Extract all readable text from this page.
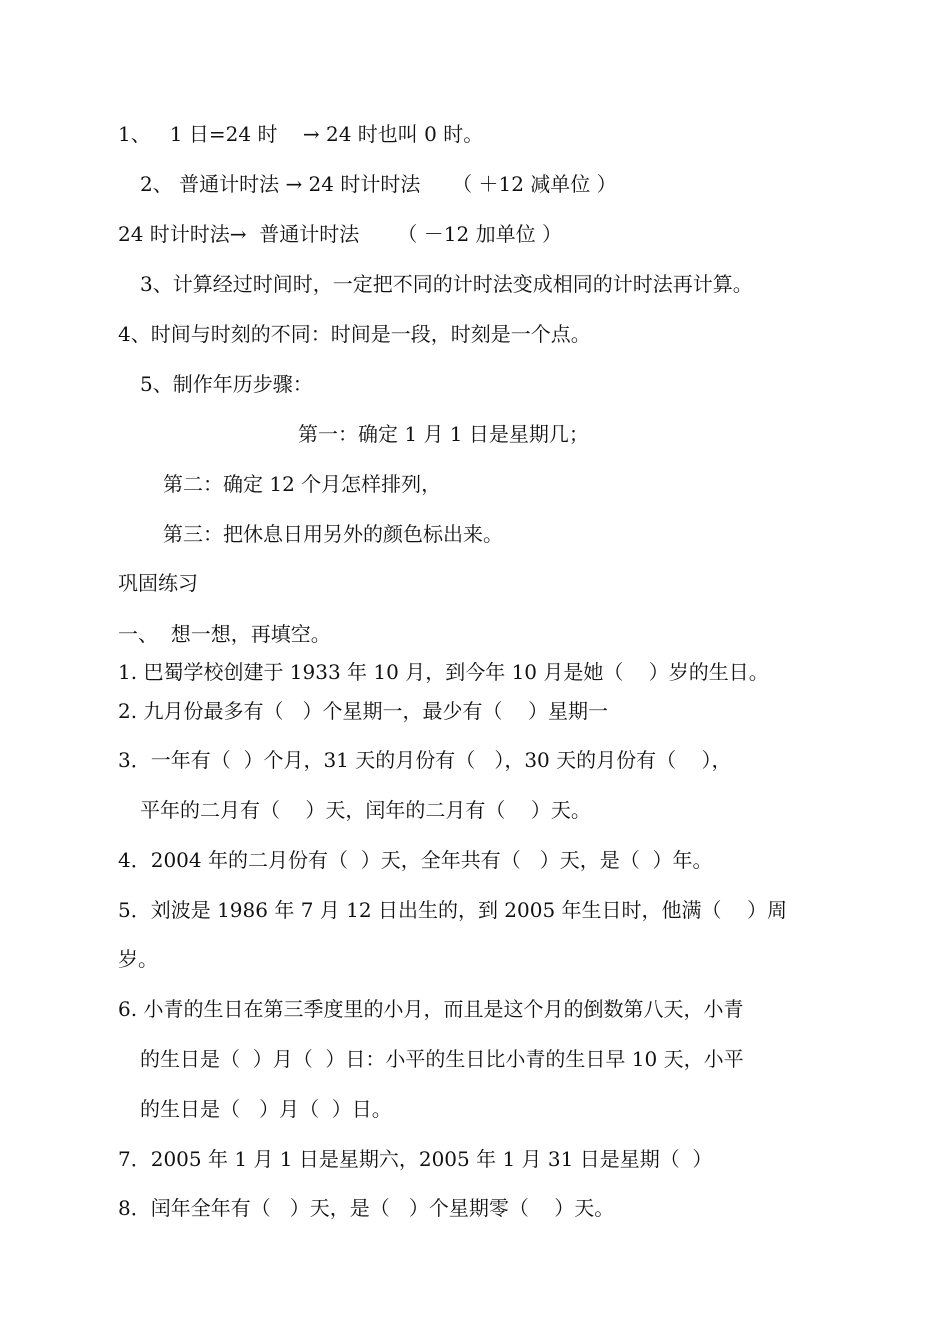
1、   1 日=24 时    → 24 时也叫 0 时。

2、 普通计时法 → 24 时计时法     （ ＋12 减单位 ）

24 时计时法→  普通计时法      （ －12 加单位 ）

3、计算经过时间时，一定把不同的计时法变成相同的计时法再计算。

4、时间与时刻的不同：时间是一段，时刻是一个点。

5、制作年历步骤：

第一：确定 1 月 1 日是星期几；

第二：确定 12 个月怎样排列，

第三：把休息日用另外的颜色标出来。

巩固练习

一、  想一想，再填空。

1. 巴蜀学校创建于 1933 年 10 月，到今年 10 月是她（    ）岁的生日。

2. 九月份最多有（   ）个星期一，最少有（    ）星期一

3．一年有（  ）个月，31 天的月份有（   ），30 天的月份有（    ），

平年的二月有（    ）天，闰年的二月有（    ）天。

4．2004 年的二月份有（  ）天，全年共有（   ）天，是（  ）年。

5．刘波是 1986 年 7 月 12 日出生的，到 2005 年生日时，他满（    ）周

岁。

6. 小青的生日在第三季度里的小月，而且是这个月的倒数第八天，小青

的生日是（  ）月（  ）日：小平的生日比小青的生日早 10 天，小平

的生日是（   ）月（  ）日。

7．2005 年 1 月 1 日是星期六，2005 年 1 月 31 日是星期（  ）

8．闰年全年有（   ）天，是（   ）个星期零（    ）天。
